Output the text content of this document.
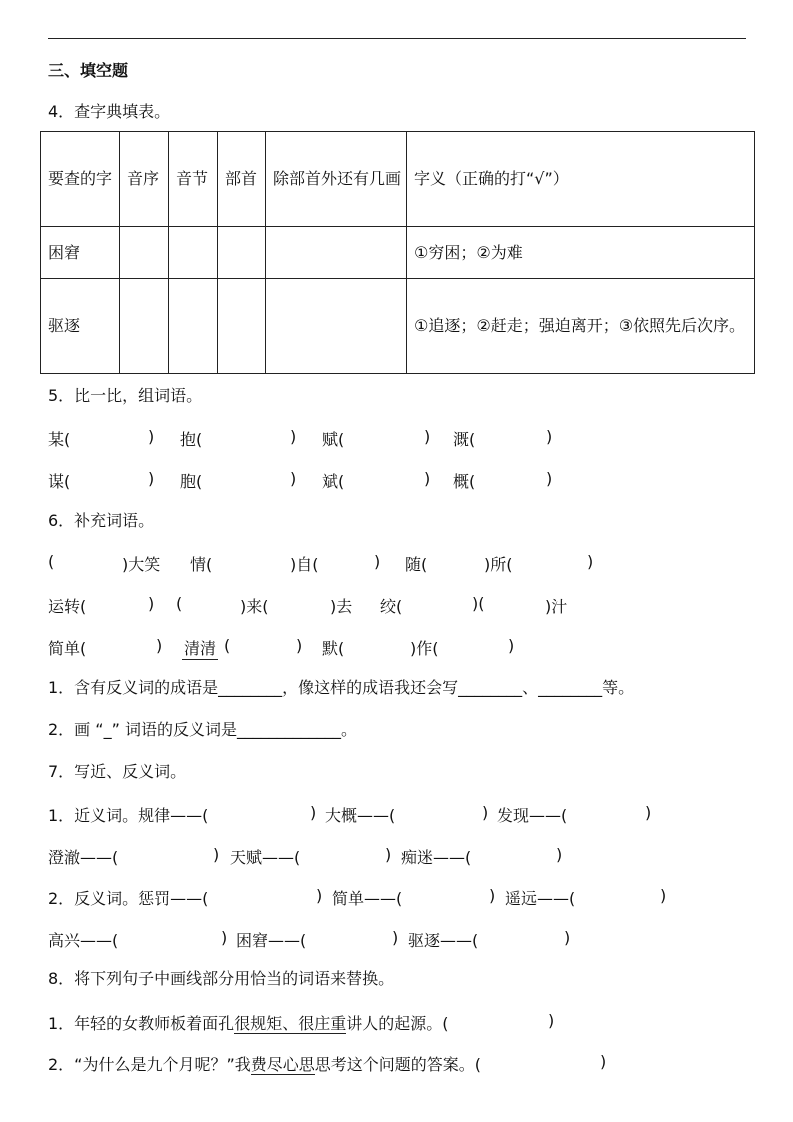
三、填空题
4．查字典填表。
要查的字	音序	音节	部首	除部首外还有几画	字义（正确的打“√”）
困窘					①穷困；②为难
驱逐					①追逐；②赶走；强迫离开；③依照先后次序。
5．比一比，组词语。
某(	) 抱(	) 赋(	) 溉(	)
谋(	) 胞(	) 斌(	) 概(	)
6．补充词语。
(	)大笑 情(	)自(	) 随(	)所(	)
运转(	) (	)来(	)去 绞(	)(	)汁
简单(	) 清清 (	) 默(	)作(	)
1．含有反义词的成语是________，像这样的成语我还会写________、________等。
2．画 “_” 词语的反义词是_____________。
7．写近、反义词。
1．近义词。规律——(	) 大概——(	) 发现——(	)
澄澈——(	) 天赋——(	) 痴迷——(	)
2．反义词。惩罚——(	) 简单——(	) 遥远——(	)
高兴——(	) 困窘——(	) 驱逐——(	)
8．将下列句子中画线部分用恰当的词语来替换。
1．年轻的女教师板着面孔很规矩、很庄重讲人的起源。(	)
2．“为什么是九个月呢？”我费尽心思思考这个问题的答案。(	)
